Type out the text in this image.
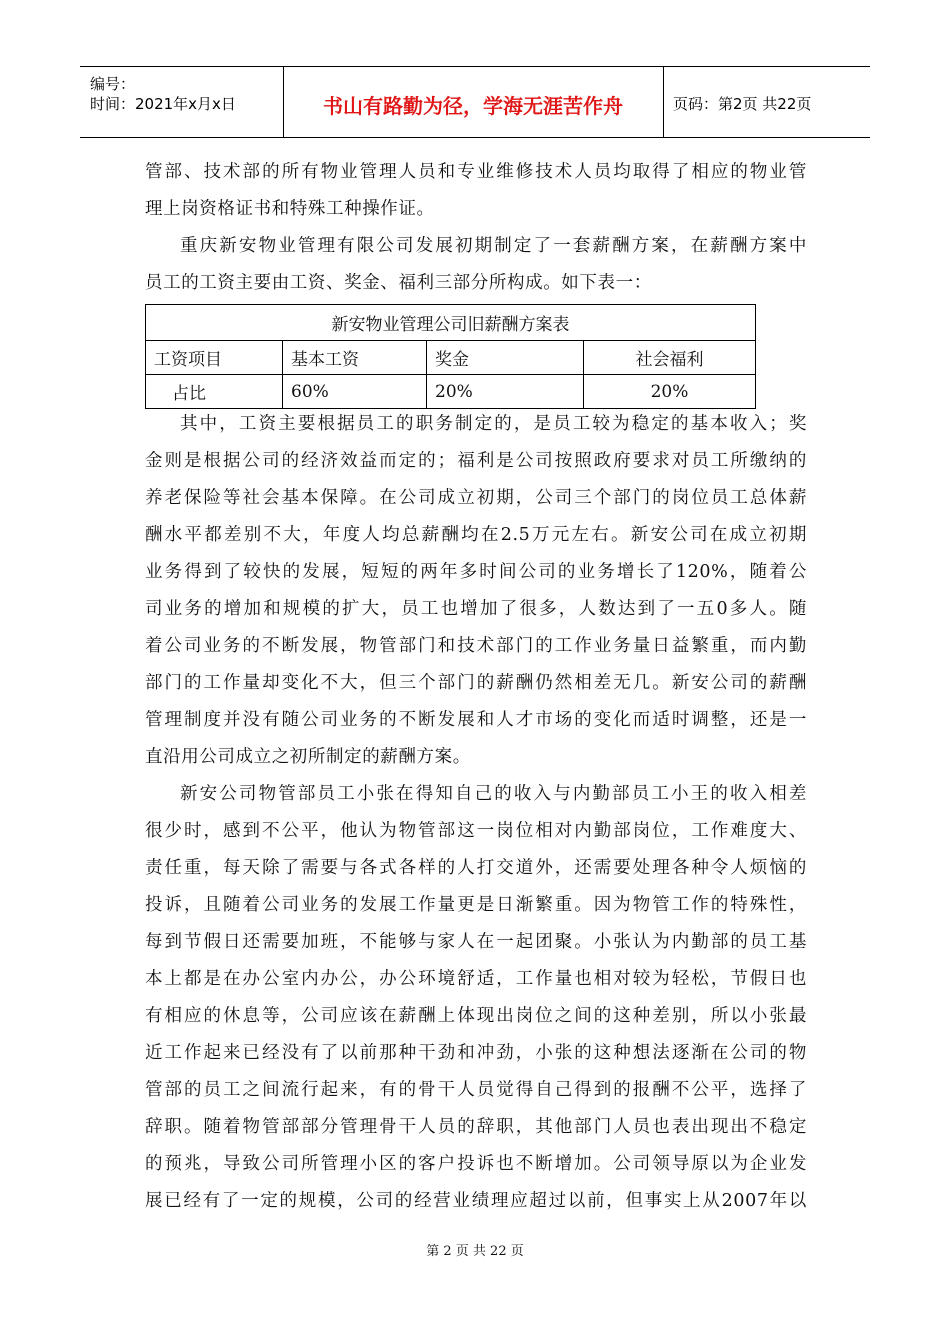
编号：
时间：2021年x月x日	书山有路勤为径，学海无涯苦作舟	页码：第2页 共22页
管部、技术部的所有物业管理人员和专业维修技术人员均取得了相应的物业管
理上岗资格证书和特殊工种操作证。
重庆新安物业管理有限公司发展初期制定了一套薪酬方案，在薪酬方案中
员工的工资主要由工资、奖金、福利三部分所构成。如下表一：
新安物业管理公司旧薪酬方案表			
工资项目	基本工资	奖金	社会福利
占比	60%	20%	20%
其中，工资主要根据员工的职务制定的，是员工较为稳定的基本收入；奖
金则是根据公司的经济效益而定的；福利是公司按照政府要求对员工所缴纳的
养老保险等社会基本保障。在公司成立初期，公司三个部门的岗位员工总体薪
酬水平都差别不大，年度人均总薪酬均在2.5万元左右。新安公司在成立初期
业务得到了较快的发展，短短的两年多时间公司的业务增长了120%，随着公
司业务的增加和规模的扩大，员工也增加了很多，人数达到了一五0多人。随
着公司业务的不断发展，物管部门和技术部门的工作业务量日益繁重，而内勤
部门的工作量却变化不大，但三个部门的薪酬仍然相差无几。新安公司的薪酬
管理制度并没有随公司业务的不断发展和人才市场的变化而适时调整，还是一
直沿用公司成立之初所制定的薪酬方案。
新安公司物管部员工小张在得知自己的收入与内勤部员工小王的收入相差
很少时，感到不公平，他认为物管部这一岗位相对内勤部岗位，工作难度大、
责任重，每天除了需要与各式各样的人打交道外，还需要处理各种令人烦恼的
投诉，且随着公司业务的发展工作量更是日渐繁重。因为物管工作的特殊性，
每到节假日还需要加班，不能够与家人在一起团聚。小张认为内勤部的员工基
本上都是在办公室内办公，办公环境舒适，工作量也相对较为轻松，节假日也
有相应的休息等，公司应该在薪酬上体现出岗位之间的这种差别，所以小张最
近工作起来已经没有了以前那种干劲和冲劲，小张的这种想法逐渐在公司的物
管部的员工之间流行起来，有的骨干人员觉得自己得到的报酬不公平，选择了
辞职。随着物管部部分管理骨干人员的辞职，其他部门人员也表出现出不稳定
的预兆，导致公司所管理小区的客户投诉也不断增加。公司领导原以为企业发
展已经有了一定的规模，公司的经营业绩理应超过以前，但事实上从2007年以
第 2 页 共 22 页
